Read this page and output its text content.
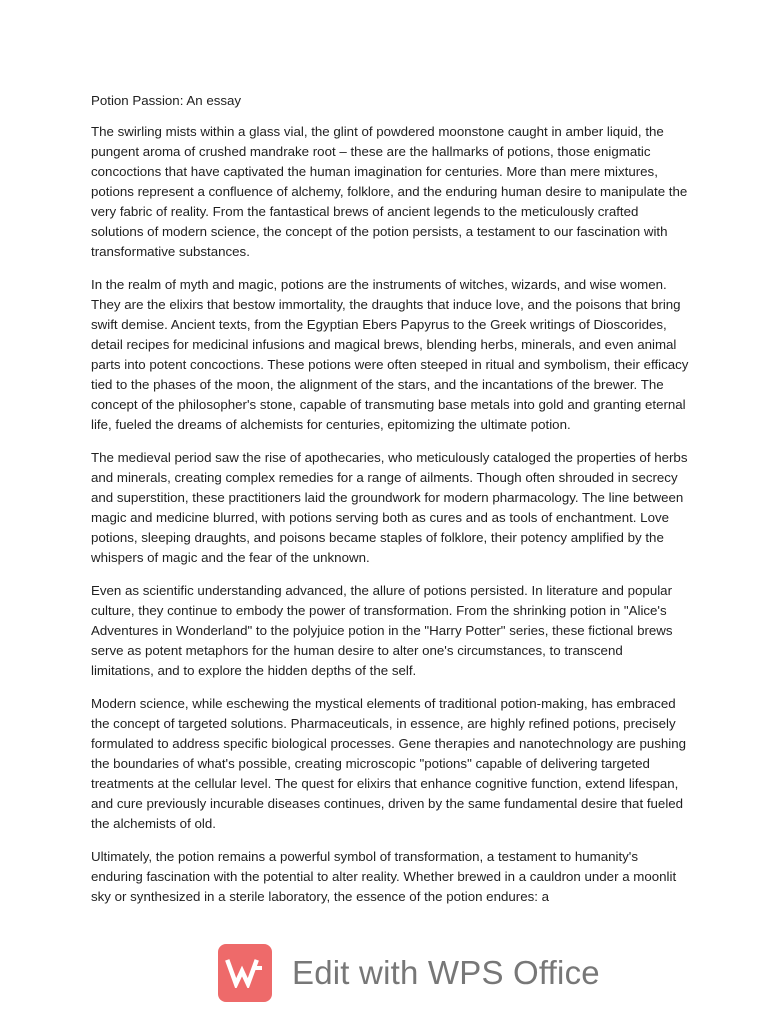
Potion Passion: An essay

The swirling mists within a glass vial, the glint of powdered moonstone caught in amber liquid, the pungent aroma of crushed mandrake root – these are the hallmarks of potions, those enigmatic concoctions that have captivated the human imagination for centuries. More than mere mixtures, potions represent a confluence of alchemy, folklore, and the enduring human desire to manipulate the very fabric of reality. From the fantastical brews of ancient legends to the meticulously crafted solutions of modern science, the concept of the potion persists, a testament to our fascination with transformative substances.

In the realm of myth and magic, potions are the instruments of witches, wizards, and wise women. They are the elixirs that bestow immortality, the draughts that induce love, and the poisons that bring swift demise. Ancient texts, from the Egyptian Ebers Papyrus to the Greek writings of Dioscorides, detail recipes for medicinal infusions and magical brews, blending herbs, minerals, and even animal parts into potent concoctions. These potions were often steeped in ritual and symbolism, their efficacy tied to the phases of the moon, the alignment of the stars, and the incantations of the brewer. The concept of the philosopher's stone, capable of transmuting base metals into gold and granting eternal life, fueled the dreams of alchemists for centuries, epitomizing the ultimate potion.

The medieval period saw the rise of apothecaries, who meticulously cataloged the properties of herbs and minerals, creating complex remedies for a range of ailments. Though often shrouded in secrecy and superstition, these practitioners laid the groundwork for modern pharmacology. The line between magic and medicine blurred, with potions serving both as cures and as tools of enchantment. Love potions, sleeping draughts, and poisons became staples of folklore, their potency amplified by the whispers of magic and the fear of the unknown.

Even as scientific understanding advanced, the allure of potions persisted. In literature and popular culture, they continue to embody the power of transformation. From the shrinking potion in "Alice's Adventures in Wonderland" to the polyjuice potion in the "Harry Potter" series, these fictional brews serve as potent metaphors for the human desire to alter one's circumstances, to transcend limitations, and to explore the hidden depths of the self.

Modern science, while eschewing the mystical elements of traditional potion-making, has embraced the concept of targeted solutions. Pharmaceuticals, in essence, are highly refined potions, precisely formulated to address specific biological processes. Gene therapies and nanotechnology are pushing the boundaries of what's possible, creating microscopic "potions" capable of delivering targeted treatments at the cellular level. The quest for elixirs that enhance cognitive function, extend lifespan, and cure previously incurable diseases continues, driven by the same fundamental desire that fueled the alchemists of old.

Ultimately, the potion remains a powerful symbol of transformation, a testament to humanity's enduring fascination with the potential to alter reality. Whether brewed in a cauldron under a moonlit sky or synthesized in a sterile laboratory, the essence of the potion endures: a

Edit with WPS Office
